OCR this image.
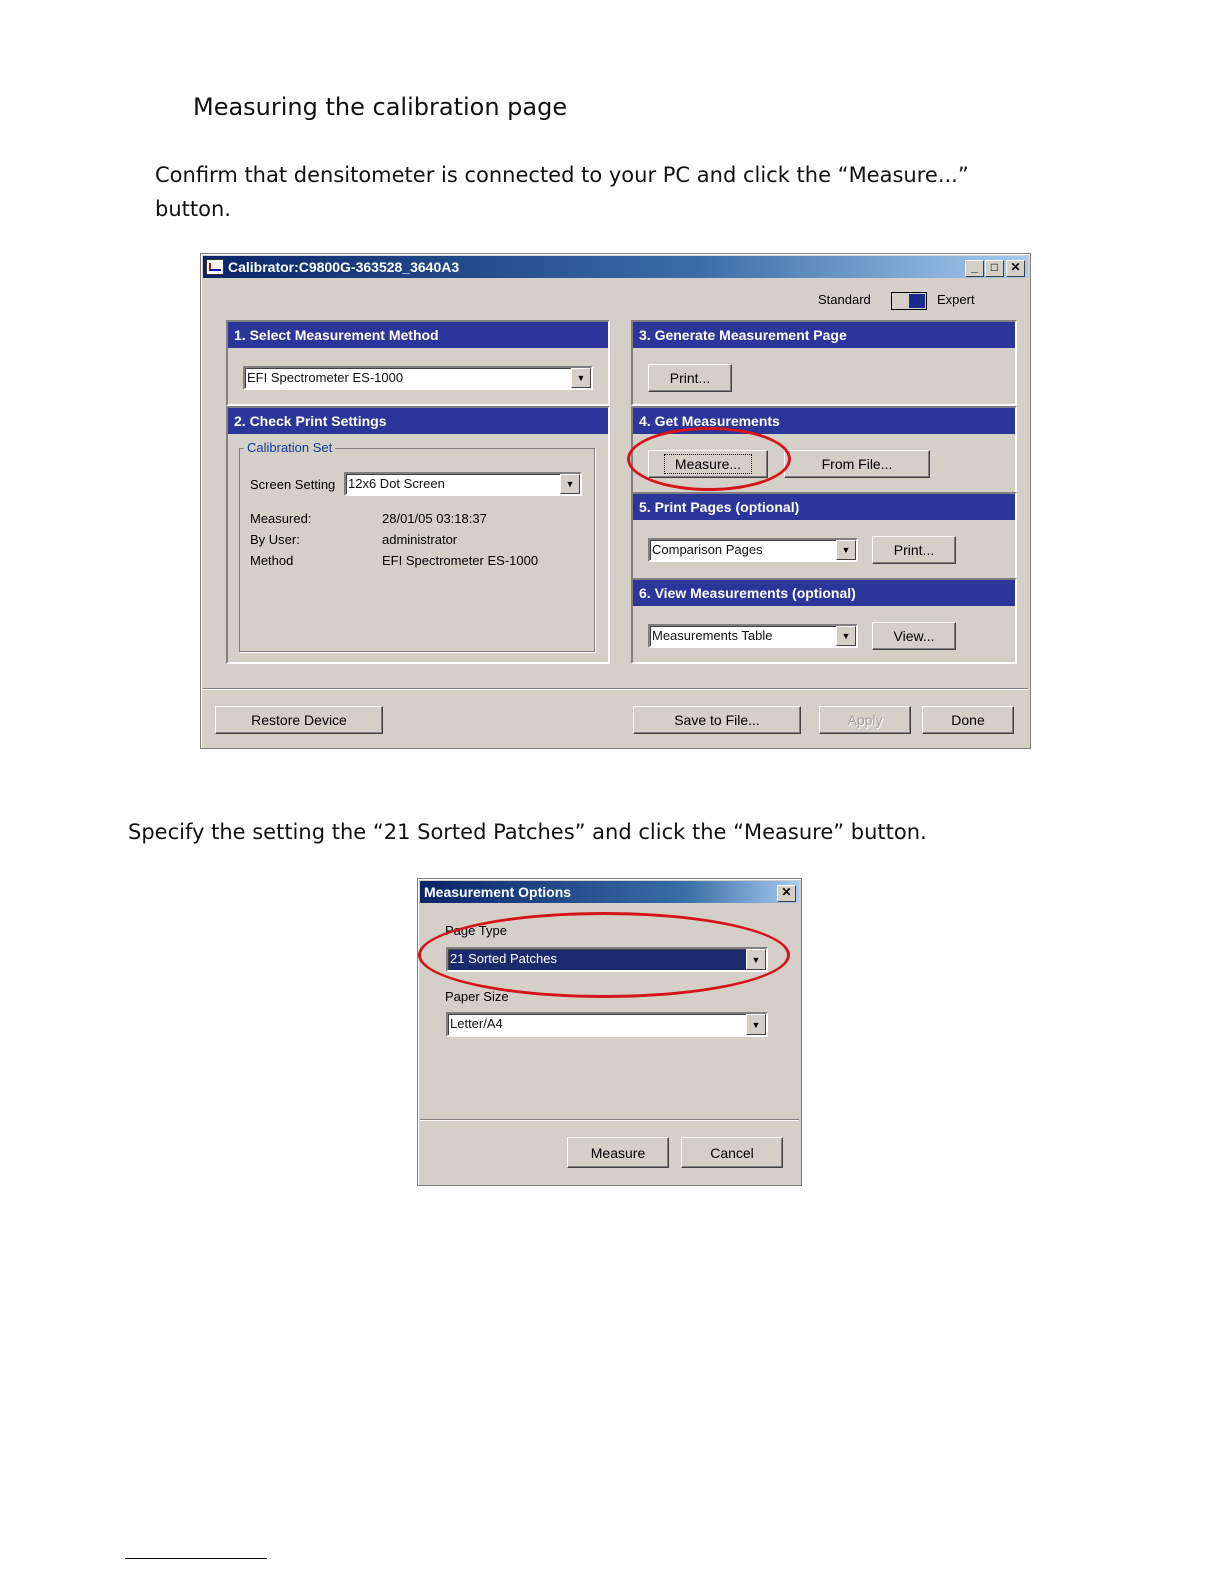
Measuring the calibration page
Confirm that densitometer is connected to your PC and click the “Measure...”
button.
Specify the setting the “21 Sorted Patches” and click the “Measure” button.
Calibrator:C9800G-363528_3640A3	_	□	✕
Standard	Expert
1. Select Measurement Method
EFI Spectrometer ES-1000	▼
2. Check Print Settings
Calibration Set
Screen Setting 12x6 Dot Screen	▼
Measured:	28/01/05 03:18:37
By User:	administrator
Method	EFI Spectrometer ES-1000
3. Generate Measurement Page
Print...
4. Get Measurements
Measure...	From File...
5. Print Pages (optional)
Comparison Pages	▼	Print...
6. View Measurements (optional)
Measurements Table	▼	View...
Restore Device	Save to File...	Apply	Done
Measurement Options	✕
Page Type
21 Sorted Patches	▼
Paper Size
Letter/A4	▼
Measure	Cancel
